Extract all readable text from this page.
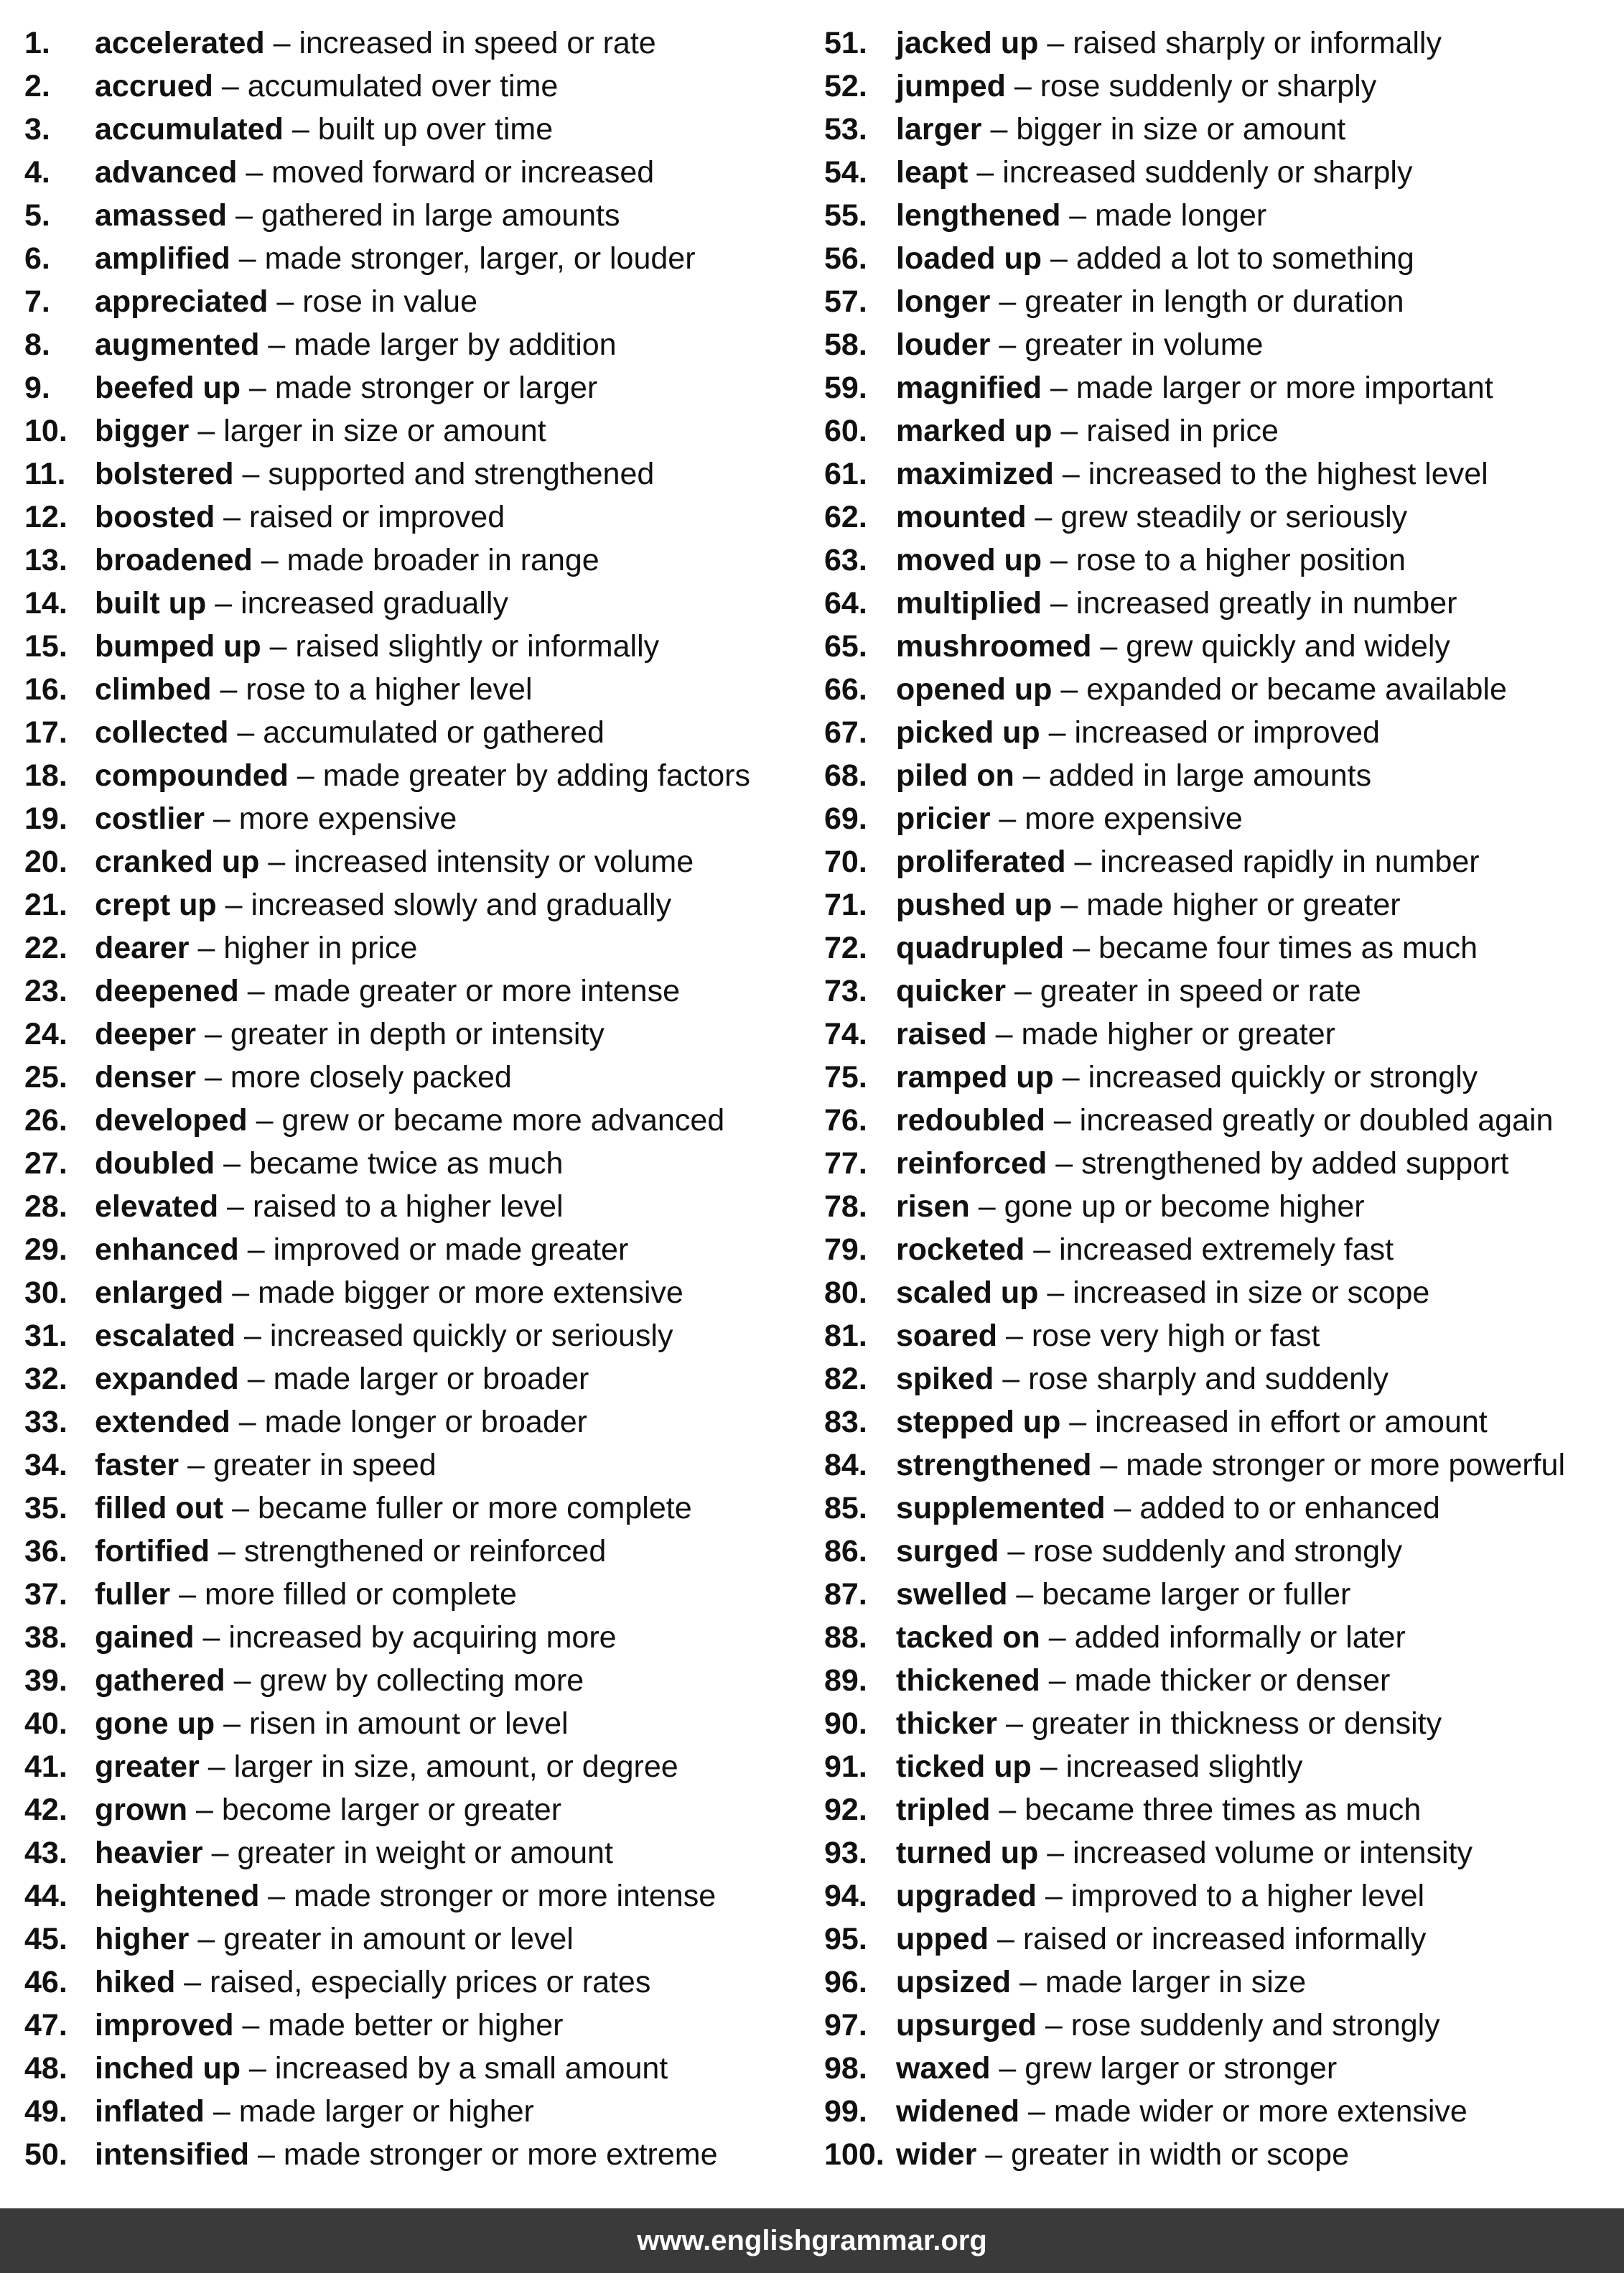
1. accelerated – increased in speed or rate
2. accrued – accumulated over time
3. accumulated – built up over time
4. advanced – moved forward or increased
5. amassed – gathered in large amounts
6. amplified – made stronger, larger, or louder
7. appreciated – rose in value
8. augmented – made larger by addition
9. beefed up – made stronger or larger
10. bigger – larger in size or amount
11. bolstered – supported and strengthened
12. boosted – raised or improved
13. broadened – made broader in range
14. built up – increased gradually
15. bumped up – raised slightly or informally
16. climbed – rose to a higher level
17. collected – accumulated or gathered
18. compounded – made greater by adding factors
19. costlier – more expensive
20. cranked up – increased intensity or volume
21. crept up – increased slowly and gradually
22. dearer – higher in price
23. deepened – made greater or more intense
24. deeper – greater in depth or intensity
25. denser – more closely packed
26. developed – grew or became more advanced
27. doubled – became twice as much
28. elevated – raised to a higher level
29. enhanced – improved or made greater
30. enlarged – made bigger or more extensive
31. escalated – increased quickly or seriously
32. expanded – made larger or broader
33. extended – made longer or broader
34. faster – greater in speed
35. filled out – became fuller or more complete
36. fortified – strengthened or reinforced
37. fuller – more filled or complete
38. gained – increased by acquiring more
39. gathered – grew by collecting more
40. gone up – risen in amount or level
41. greater – larger in size, amount, or degree
42. grown – become larger or greater
43. heavier – greater in weight or amount
44. heightened – made stronger or more intense
45. higher – greater in amount or level
46. hiked – raised, especially prices or rates
47. improved – made better or higher
48. inched up – increased by a small amount
49. inflated – made larger or higher
50. intensified – made stronger or more extreme
51. jacked up – raised sharply or informally
52. jumped – rose suddenly or sharply
53. larger – bigger in size or amount
54. leapt – increased suddenly or sharply
55. lengthened – made longer
56. loaded up – added a lot to something
57. longer – greater in length or duration
58. louder – greater in volume
59. magnified – made larger or more important
60. marked up – raised in price
61. maximized – increased to the highest level
62. mounted – grew steadily or seriously
63. moved up – rose to a higher position
64. multiplied – increased greatly in number
65. mushroomed – grew quickly and widely
66. opened up – expanded or became available
67. picked up – increased or improved
68. piled on – added in large amounts
69. pricier – more expensive
70. proliferated – increased rapidly in number
71. pushed up – made higher or greater
72. quadrupled – became four times as much
73. quicker – greater in speed or rate
74. raised – made higher or greater
75. ramped up – increased quickly or strongly
76. redoubled – increased greatly or doubled again
77. reinforced – strengthened by added support
78. risen – gone up or become higher
79. rocketed – increased extremely fast
80. scaled up – increased in size or scope
81. soared – rose very high or fast
82. spiked – rose sharply and suddenly
83. stepped up – increased in effort or amount
84. strengthened – made stronger or more powerful
85. supplemented – added to or enhanced
86. surged – rose suddenly and strongly
87. swelled – became larger or fuller
88. tacked on – added informally or later
89. thickened – made thicker or denser
90. thicker – greater in thickness or density
91. ticked up – increased slightly
92. tripled – became three times as much
93. turned up – increased volume or intensity
94. upgraded – improved to a higher level
95. upped – raised or increased informally
96. upsized – made larger in size
97. upsurged – rose suddenly and strongly
98. waxed – grew larger or stronger
99. widened – made wider or more extensive
100. wider – greater in width or scope
www.englishgrammar.org
